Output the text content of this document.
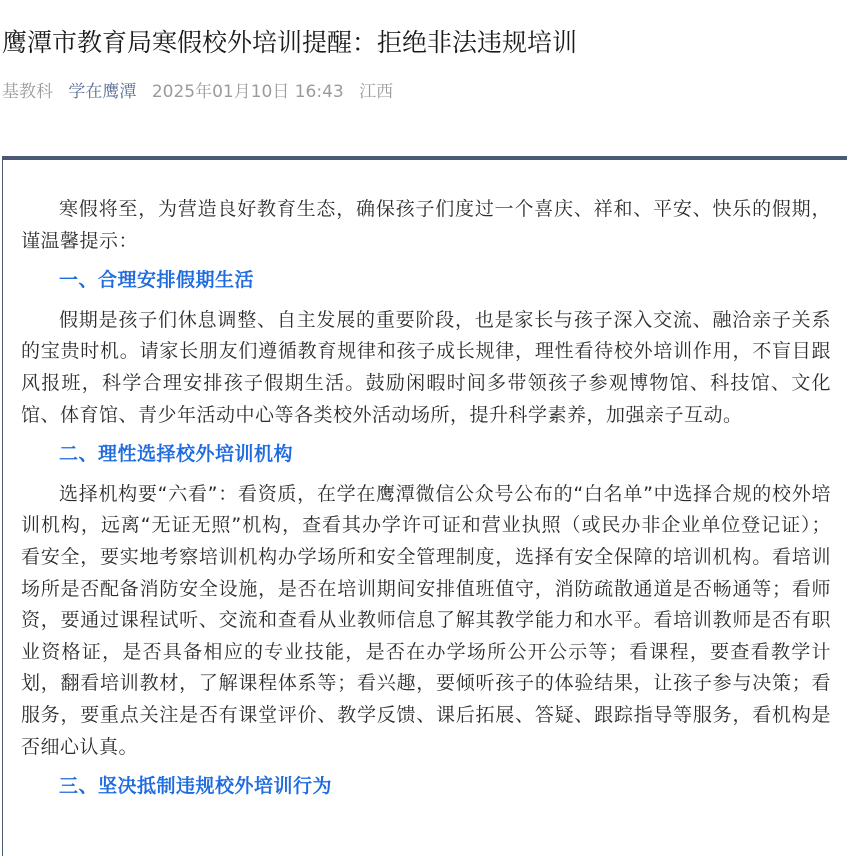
鹰潭市教育局寒假校外培训提醒：拒绝非法违规培训
基教科 学在鹰潭 2025年01月10日 16:43 江西

寒假将至，为营造良好教育生态，确保孩子们度过一个喜庆、祥和、平安、快乐的假期，谨温馨提示：

一、合理安排假期生活

假期是孩子们休息调整、自主发展的重要阶段，也是家长与孩子深入交流、融洽亲子关系的宝贵时机。请家长朋友们遵循教育规律和孩子成长规律，理性看待校外培训作用，不盲目跟风报班，科学合理安排孩子假期生活。鼓励闲暇时间多带领孩子参观博物馆、科技馆、文化馆、体育馆、青少年活动中心等各类校外活动场所，提升科学素养，加强亲子互动。

二、理性选择校外培训机构

选择机构要“六看”：看资质，在学在鹰潭微信公众号公布的“白名单”中选择合规的校外培训机构，远离“无证无照”机构，查看其办学许可证和营业执照（或民办非企业单位登记证）；看安全，要实地考察培训机构办学场所和安全管理制度，选择有安全保障的培训机构。看培训场所是否配备消防安全设施，是否在培训期间安排值班值守，消防疏散通道是否畅通等；看师资，要通过课程试听、交流和查看从业教师信息了解其教学能力和水平。看培训教师是否有职业资格证，是否具备相应的专业技能，是否在办学场所公开公示等；看课程，要查看教学计划，翻看培训教材，了解课程体系等；看兴趣，要倾听孩子的体验结果，让孩子参与决策；看服务，要重点关注是否有课堂评价、教学反馈、课后拓展、答疑、跟踪指导等服务，看机构是否细心认真。

三、坚决抵制违规校外培训行为
